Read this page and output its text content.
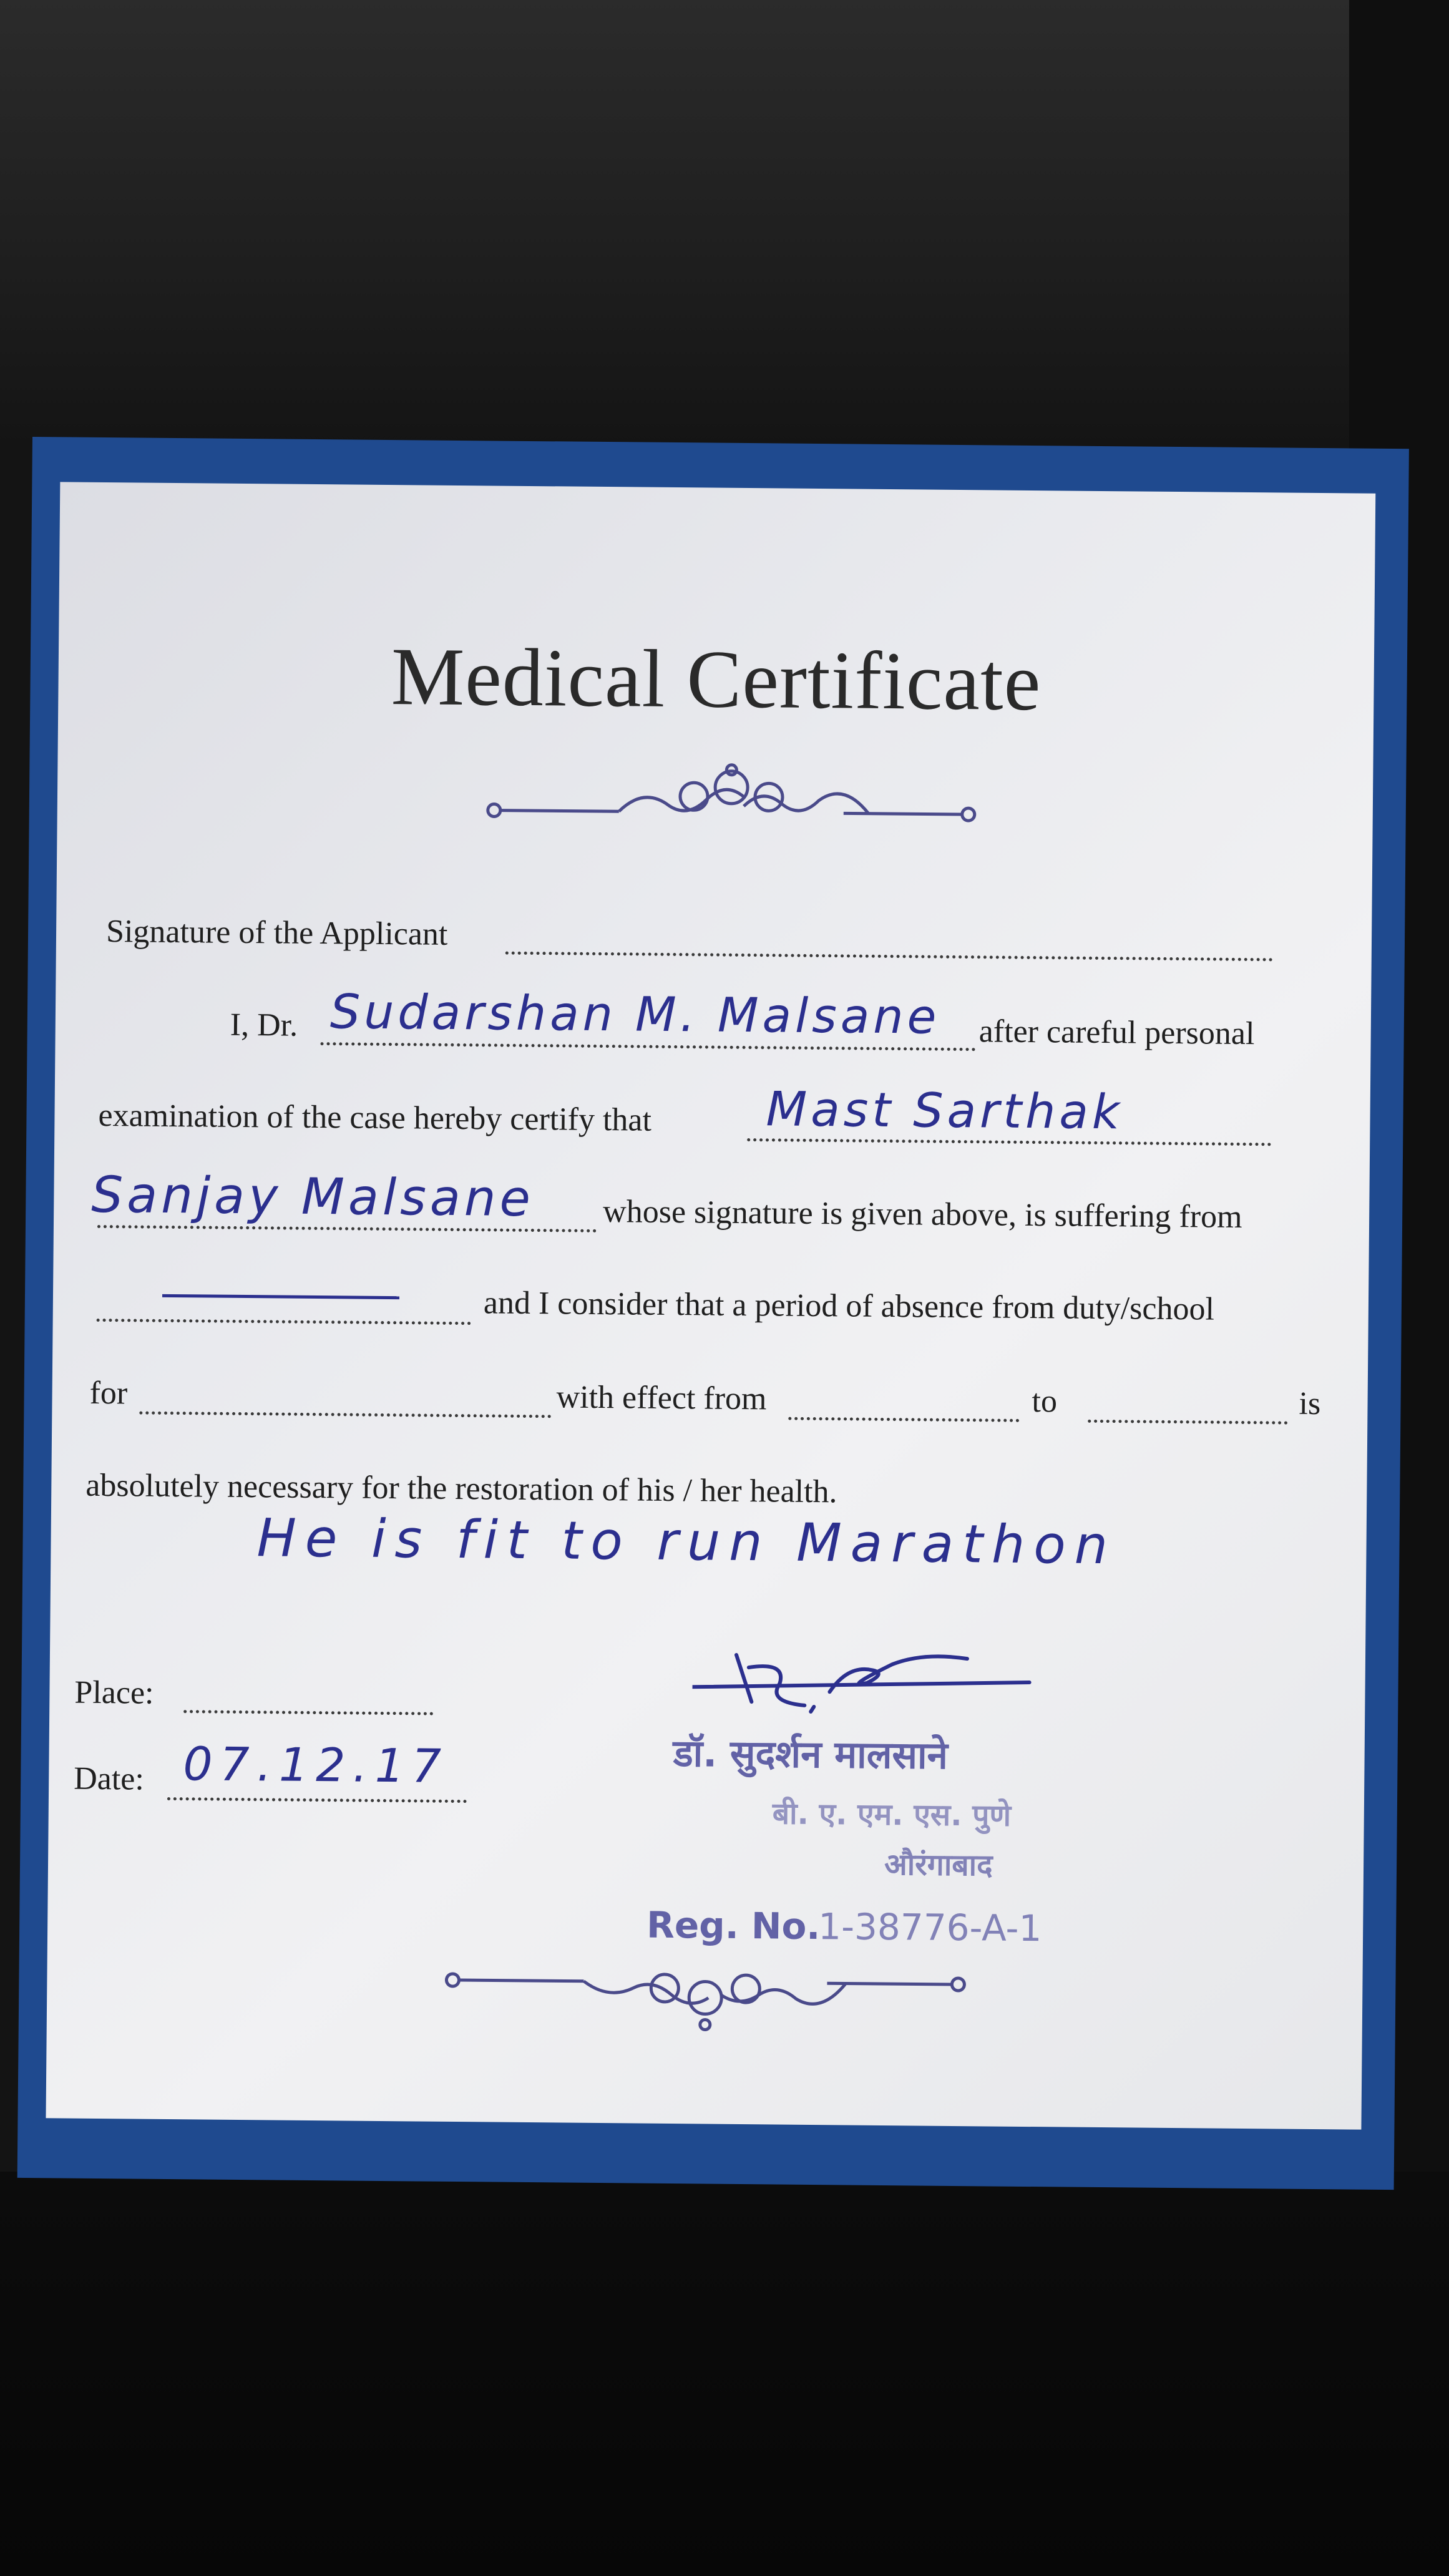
Medical Certificate
Signature of the Applicant
I, Dr. Sudarshan M. Malsane after careful personal
examination of the case hereby certify that Mast Sarthak
Sanjay Malsane whose signature is given above, is suffering from
and I consider that a period of absence from duty/school
for	with effect from	to	is
absolutely necessary for the restoration of his / her health.
He is fit to run Marathon
Place:
Date: 07.12.17	डॉ. सुदर्शन मालसाने
बी. ए. एम. एस. पुणे
औरंगाबाद
Reg. No.
1-38776-A-1
